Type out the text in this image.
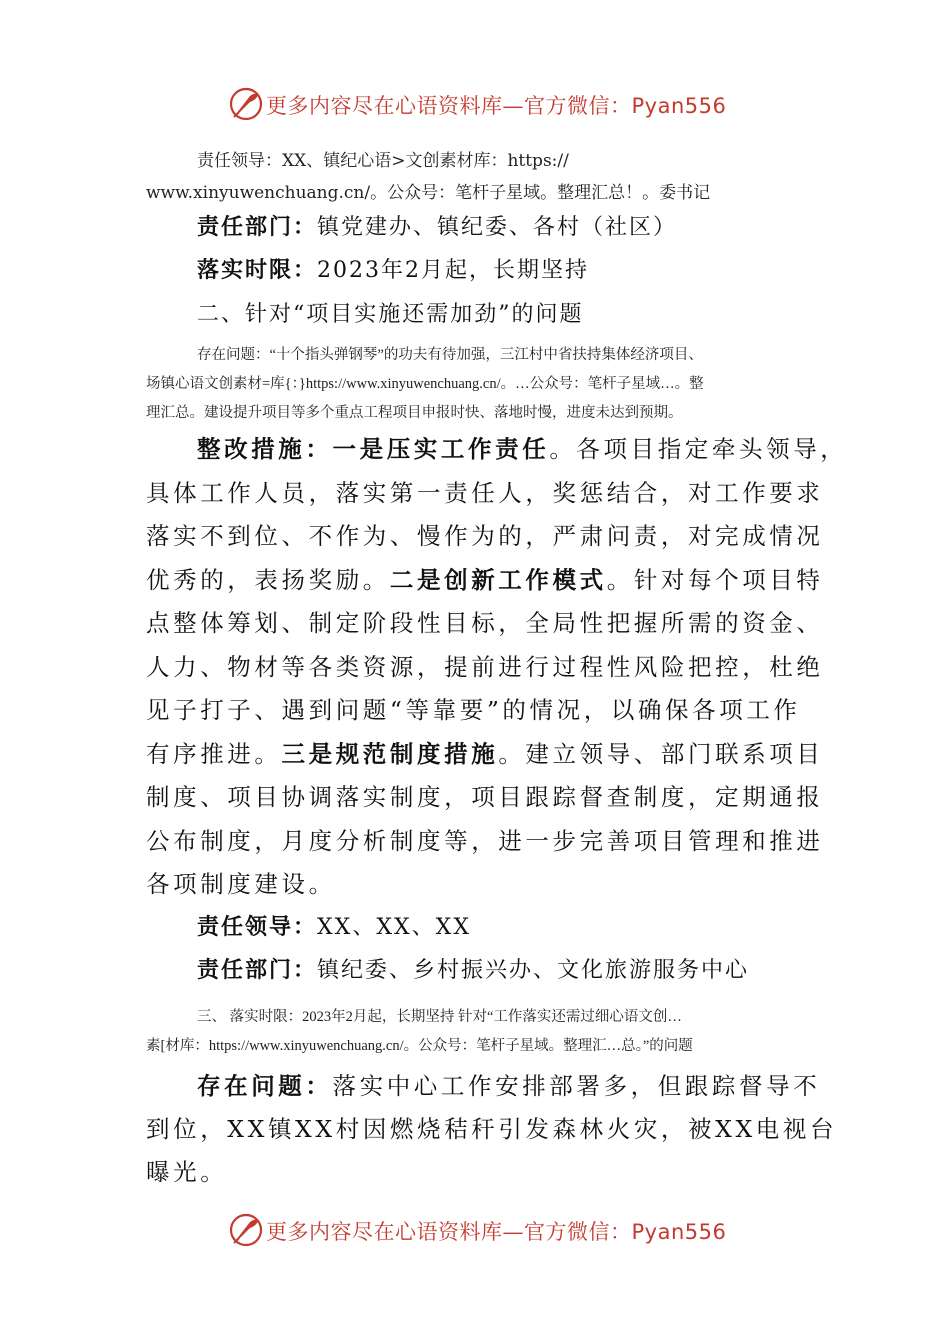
更多内容尽在心语资料库—官方微信：Pyan556
责任领导：XX、镇纪心语>文创素材库：https://
www.xinyuwenchuang.cn/。公众号：笔杆子星域。整理汇总！。委书记
责任部门：镇党建办、镇纪委、各村（社区）
落实时限：2023年2月起，长期坚持
二、针对“项目实施还需加劲”的问题
存在问题：“十个指头弹钢琴”的功夫有待加强，三江村中省扶持集体经济项目、
场镇心语文创素材=库{：}https://www.xinyuwenchuang.cn/。…公众号：笔杆子星域…。整
理汇总。建设提升项目等多个重点工程项目申报时快、落地时慢，进度未达到预期。
整改措施：一是压实工作责任。各项目指定牵头领导，
具体工作人员，落实第一责任人，奖惩结合，对工作要求
落实不到位、不作为、慢作为的，严肃问责，对完成情况
优秀的，表扬奖励。二是创新工作模式。针对每个项目特
点整体筹划、制定阶段性目标，全局性把握所需的资金、
人力、物材等各类资源，提前进行过程性风险把控，杜绝
见子打子、遇到问题“等靠要”的情况，以确保各项工作
有序推进。三是规范制度措施。建立领导、部门联系项目
制度、项目协调落实制度，项目跟踪督查制度，定期通报
公布制度，月度分析制度等，进一步完善项目管理和推进
各项制度建设。
责任领导：XX、XX、XX
责任部门：镇纪委、乡村振兴办、文化旅游服务中心
三、 落实时限：2023年2月起，长期坚持 针对“工作落实还需过细心语文创…
素[材库：https://www.xinyuwenchuang.cn/。公众号：笔杆子星域。整理汇…总。”的问题
存在问题：落实中心工作安排部署多，但跟踪督导不
到位，XX镇XX村因燃烧秸秆引发森林火灾，被XX电视台
曝光。
更多内容尽在心语资料库—官方微信：Pyan556
